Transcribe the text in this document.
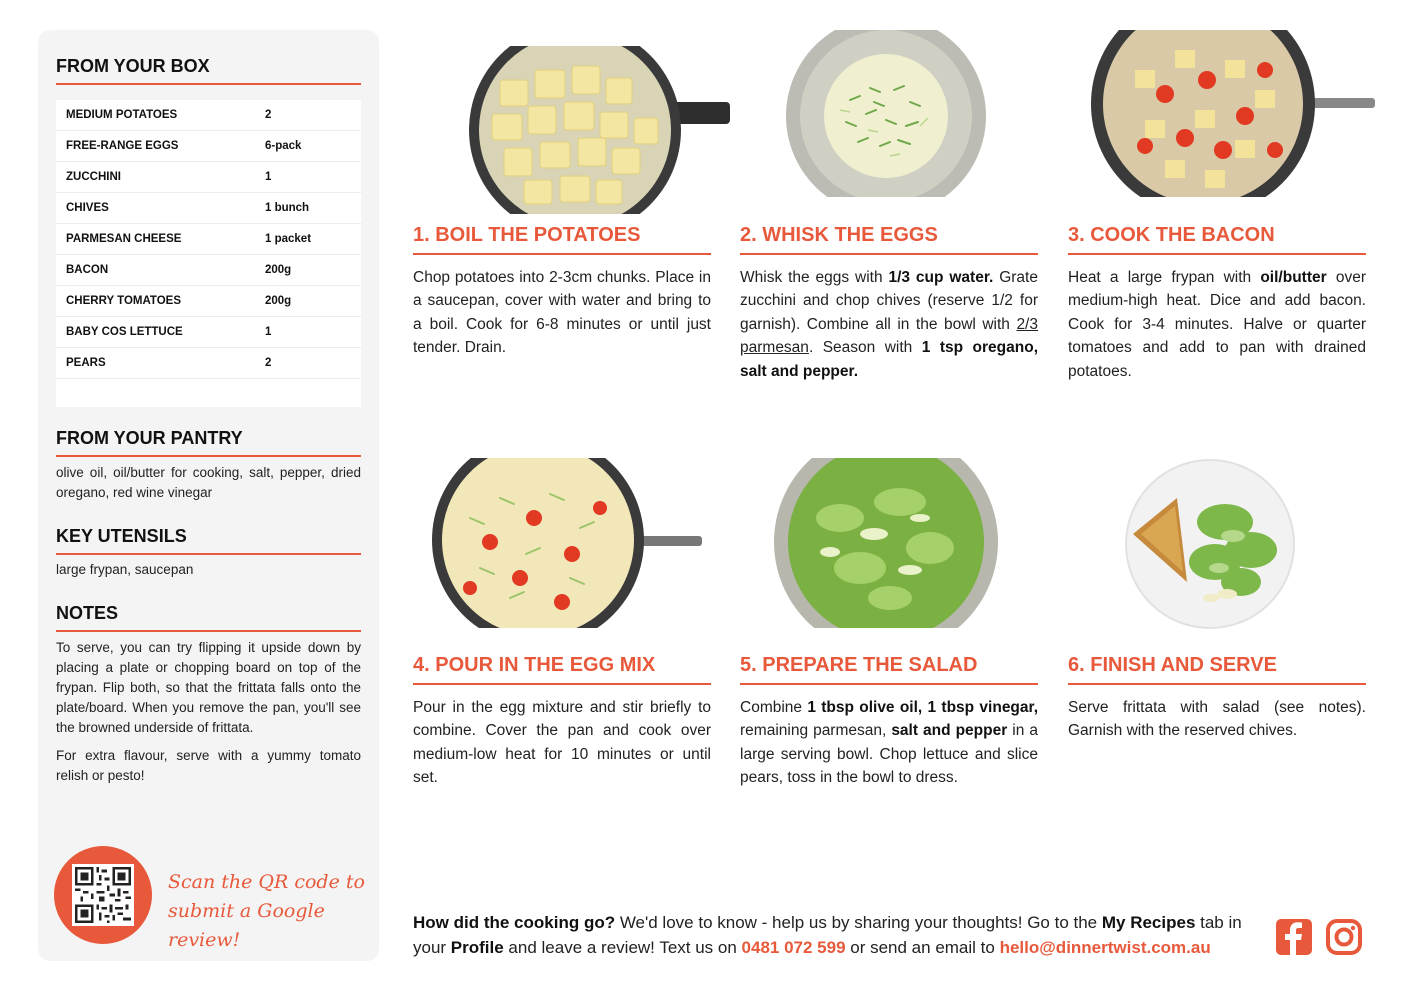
FROM YOUR BOX
MEDIUM POTATOES	2
FREE-RANGE EGGS	6-pack
ZUCCHINI	1
CHIVES	1 bunch
PARMESAN CHEESE	1 packet
BACON	200g
CHERRY TOMATOES	200g
BABY COS LETTUCE	1
PEARS	2
FROM YOUR PANTRY
olive oil, oil/butter for cooking, salt, pepper, dried oregano, red wine vinegar
KEY UTENSILS
large frypan, saucepan
NOTES

To serve, you can try flipping it upside down by placing a plate or chopping board on top of the frypan. Flip both, so that the frittata falls onto the plate/board. When you remove the pan, you'll see the browned underside of frittata.

For extra flavour, serve with a yummy tomato relish or pesto!

Scan the QR code to
submit a Google review!
1. BOIL THE POTATOES
Chop potatoes into 2-3cm chunks. Place in a saucepan, cover with water and bring to a boil. Cook for 6-8 minutes or until just tender. Drain.
2. WHISK THE EGGS
Whisk the eggs with 1/3 cup water. Grate zucchini and chop chives (reserve 1/2 for garnish). Combine all in the bowl with 2/3 parmesan. Season with 1 tsp oregano, salt and pepper.
3. COOK THE BACON
Heat a large frypan with oil/butter over medium-high heat. Dice and add bacon. Cook for 3-4 minutes. Halve or quarter tomatoes and add to pan with drained potatoes.
4. POUR IN THE EGG MIX
Pour in the egg mixture and stir briefly to combine. Cover the pan and cook over medium-low heat for 10 minutes or until set.
5. PREPARE THE SALAD
Combine 1 tbsp olive oil, 1 tbsp vinegar, remaining parmesan, salt and pepper in a large serving bowl. Chop lettuce and slice pears, toss in the bowl to dress.
6. FINISH AND SERVE
Serve frittata with salad (see notes). Garnish with the reserved chives.
How did the cooking go? We'd love to know - help us by sharing your thoughts! Go to the My Recipes tab in your Profile and leave a review! Text us on 0481 072 599 or send an email to hello@dinnertwist.com.au
